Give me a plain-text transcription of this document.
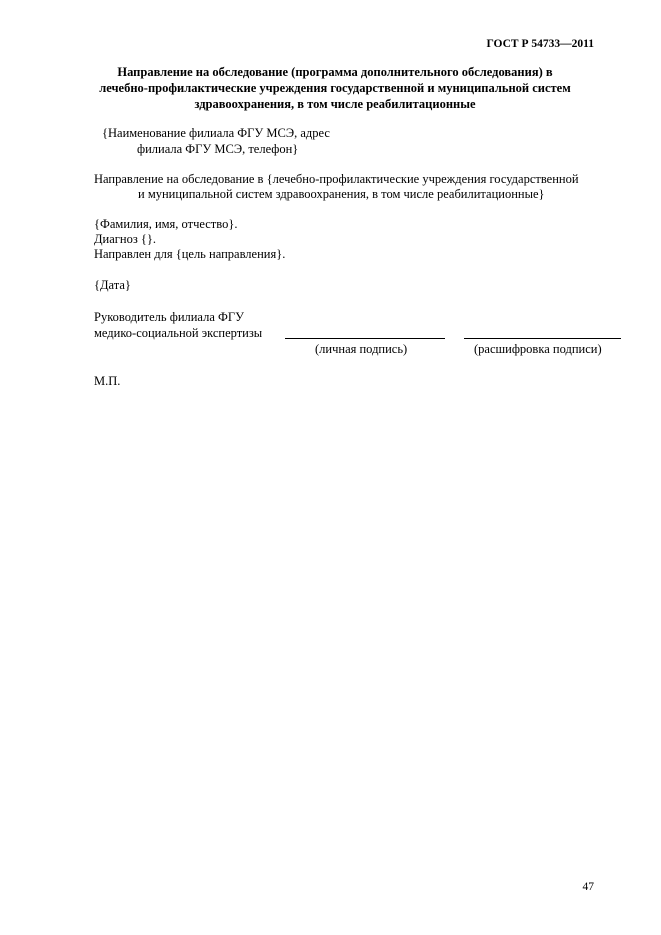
ГОСТ Р 54733—2011
Направление на обследование (программа дополнительного обследования) в
лечебно-профилактические учреждения государственной и муниципальной систем
здравоохранения, в том числе реабилитационные
{Наименование филиала ФГУ МСЭ, адрес
филиала ФГУ МСЭ, телефон}
Направление на обследование в {лечебно-профилактические учреждения государственной
и муниципальной систем здравоохранения, в том числе реабилитационные}
{Фамилия, имя, отчество}.
Диагноз {}.
Направлен для {цель направления}.
{Дата}
Руководитель филиала ФГУ
медико-социальной экспертизы
(личная подпись)	(расшифровка подписи)
М.П.
47
